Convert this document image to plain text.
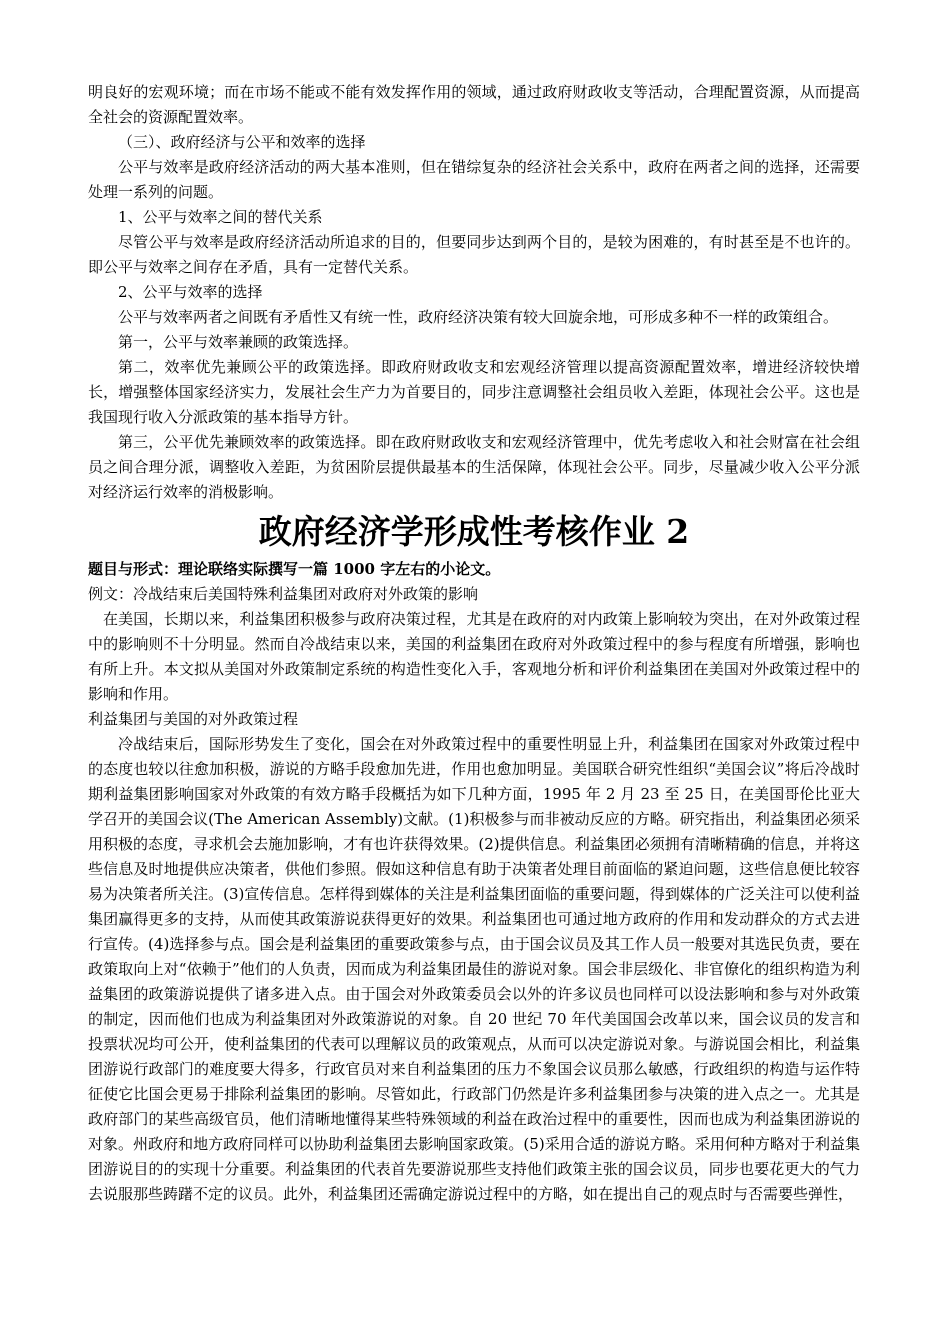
明良好的宏观环境；而在市场不能或不能有效发挥作用的领域，通过政府财政收支等活动，合理配置资源，从而提高全社会的资源配置效率。

（三）、政府经济与公平和效率的选择

公平与效率是政府经济活动的两大基本准则，但在错综复杂的经济社会关系中，政府在两者之间的选择，还需要处理一系列的问题。

1、公平与效率之间的替代关系

尽管公平与效率是政府经济活动所追求的目的，但要同步达到两个目的，是较为困难的，有时甚至是不也许的。即公平与效率之间存在矛盾，具有一定替代关系。

2、公平与效率的选择

公平与效率两者之间既有矛盾性又有统一性，政府经济决策有较大回旋余地，可形成多种不一样的政策组合。

第一，公平与效率兼顾的政策选择。

第二，效率优先兼顾公平的政策选择。即政府财政收支和宏观经济管理以提高资源配置效率，增进经济较快增长，增强整体国家经济实力，发展社会生产力为首要目的，同步注意调整社会组员收入差距，体现社会公平。这也是我国现行收入分派政策的基本指导方针。

第三，公平优先兼顾效率的政策选择。即在政府财政收支和宏观经济管理中，优先考虑收入和社会财富在社会组员之间合理分派，调整收入差距，为贫困阶层提供最基本的生活保障，体现社会公平。同步，尽量减少收入公平分派对经济运行效率的消极影响。

政府经济学形成性考核作业 2

题目与形式：理论联络实际撰写一篇 1000 字左右的小论文。

例文：冷战结束后美国特殊利益集团对政府对外政策的影响

在美国，长期以来，利益集团积极参与政府决策过程，尤其是在政府的对内政策上影响较为突出，在对外政策过程中的影响则不十分明显。然而自冷战结束以来，美国的利益集团在政府对外政策过程中的参与程度有所增强，影响也有所上升。本文拟从美国对外政策制定系统的构造性变化入手，客观地分析和评价利益集团在美国对外政策过程中的影响和作用。

利益集团与美国的对外政策过程

冷战结束后，国际形势发生了变化，国会在对外政策过程中的重要性明显上升，利益集团在国家对外政策过程中的态度也较以往愈加积极，游说的方略手段愈加先进，作用也愈加明显。美国联合研究性组织“美国会议”将后冷战时期利益集团影响国家对外政策的有效方略手段概括为如下几种方面，1995 年 2 月 23 至 25 日，在美国哥伦比亚大学召开的美国会议(The American Assembly)文献。(1)积极参与而非被动反应的方略。研究指出，利益集团必须采用积极的态度，寻求机会去施加影响，才有也许获得效果。(2)提供信息。利益集团必须拥有清晰精确的信息，并将这些信息及时地提供应决策者，供他们参照。假如这种信息有助于决策者处理目前面临的紧迫问题，这些信息便比较容易为决策者所关注。(3)宣传信息。怎样得到媒体的关注是利益集团面临的重要问题，得到媒体的广泛关注可以使利益集团赢得更多的支持，从而使其政策游说获得更好的效果。利益集团也可通过地方政府的作用和发动群众的方式去进行宣传。(4)选择参与点。国会是利益集团的重要政策参与点，由于国会议员及其工作人员一般要对其选民负责，要在政策取向上对“依赖于”他们的人负责，因而成为利益集团最佳的游说对象。国会非层级化、非官僚化的组织构造为利益集团的政策游说提供了诸多进入点。由于国会对外政策委员会以外的许多议员也同样可以设法影响和参与对外政策的制定，因而他们也成为利益集团对外政策游说的对象。自 20 世纪 70 年代美国国会改革以来，国会议员的发言和投票状况均可公开，使利益集团的代表可以理解议员的政策观点，从而可以决定游说对象。与游说国会相比，利益集团游说行政部门的难度要大得多，行政官员对来自利益集团的压力不象国会议员那么敏感，行政组织的构造与运作特征使它比国会更易于排除利益集团的影响。尽管如此，行政部门仍然是许多利益集团参与决策的进入点之一。尤其是政府部门的某些高级官员，他们清晰地懂得某些特殊领域的利益在政治过程中的重要性，因而也成为利益集团游说的对象。州政府和地方政府同样可以协助利益集团去影响国家政策。(5)采用合适的游说方略。采用何种方略对于利益集团游说目的的实现十分重要。利益集团的代表首先要游说那些支持他们政策主张的国会议员，同步也要花更大的气力去说服那些踌躇不定的议员。此外，利益集团还需确定游说过程中的方略，如在提出自己的观点时与否需要些弹性，
